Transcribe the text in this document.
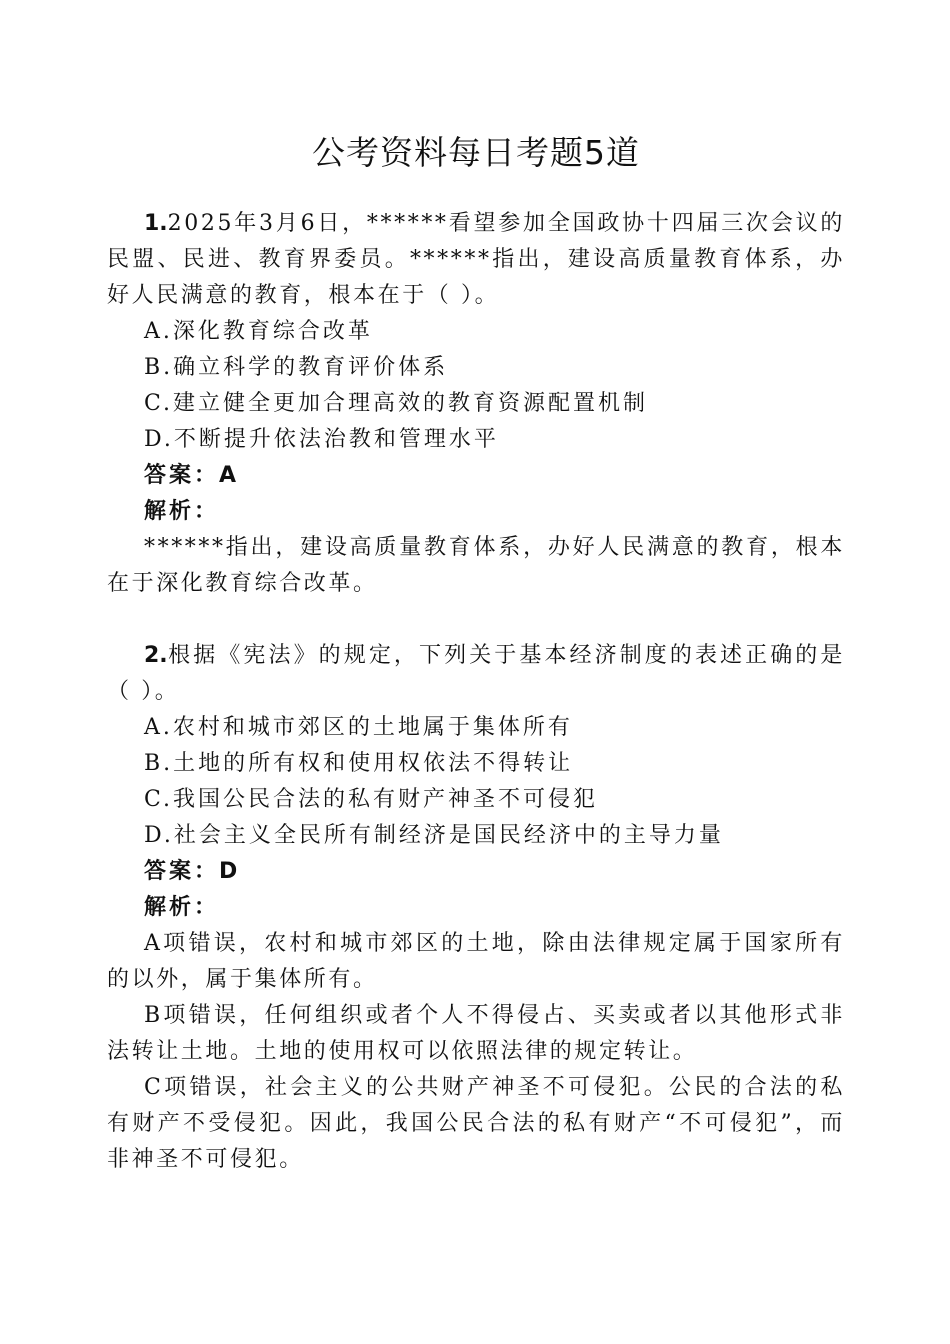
公考资料每日考题5道

1.2025年3月6日，******看望参加全国政协十四届三次会议的民盟、民进、教育界委员。******指出，建设高质量教育体系，办好人民满意的教育，根本在于（ ）。

A.深化教育综合改革
B.确立科学的教育评价体系
C.建立健全更加合理高效的教育资源配置机制
D.不断提升依法治教和管理水平
答案：A
解析：

******指出，建设高质量教育体系，办好人民满意的教育，根本在于深化教育综合改革。

2.根据《宪法》的规定，下列关于基本经济制度的表述正确的是（ ）。

A.农村和城市郊区的土地属于集体所有
B.土地的所有权和使用权依法不得转让
C.我国公民合法的私有财产神圣不可侵犯
D.社会主义全民所有制经济是国民经济中的主导力量
答案：D
解析：

A项错误，农村和城市郊区的土地，除由法律规定属于国家所有的以外，属于集体所有。

B项错误，任何组织或者个人不得侵占、买卖或者以其他形式非法转让土地。土地的使用权可以依照法律的规定转让。

C项错误，社会主义的公共财产神圣不可侵犯。公民的合法的私有财产不受侵犯。因此，我国公民合法的私有财产“不可侵犯”，而非神圣不可侵犯。
